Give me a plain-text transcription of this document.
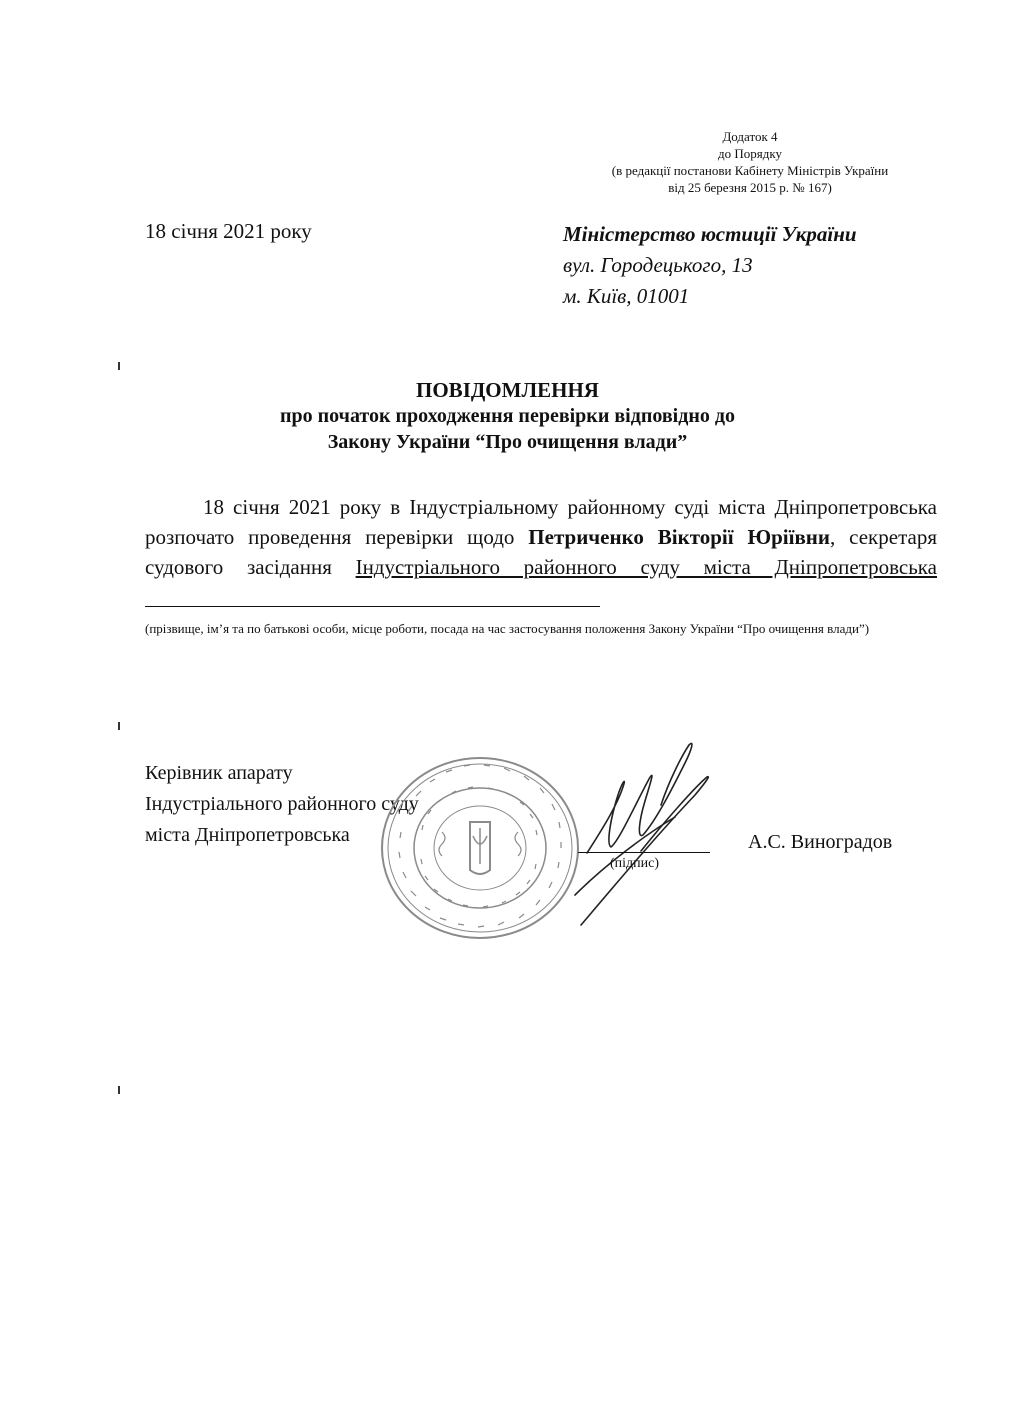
Додаток 4
до Порядку
(в редакції постанови Кабінету Міністрів України
від 25 березня 2015 р. № 167)
18 січня 2021 року	Міністерство юстиції України
вул. Городецького, 13
м. Київ, 01001
ПОВІДОМЛЕННЯ
про початок проходження перевірки відповідно до
Закону України “Про очищення влади”
18 січня 2021 року в Індустріальному районному суді міста Дніпропетровська розпочато проведення перевірки щодо Петриченко Вікторії Юріївни, секретаря судового засідання Індустріального районного суду міста Дніпропетровська
(прізвище, ім’я та по батькові особи, місце роботи, посада на час застосування положення Закону України “Про очищення влади”)
Керівник апарату
Індустріального районного суду
міста Дніпропетровська
(підпис)
А.С. Виноградов
